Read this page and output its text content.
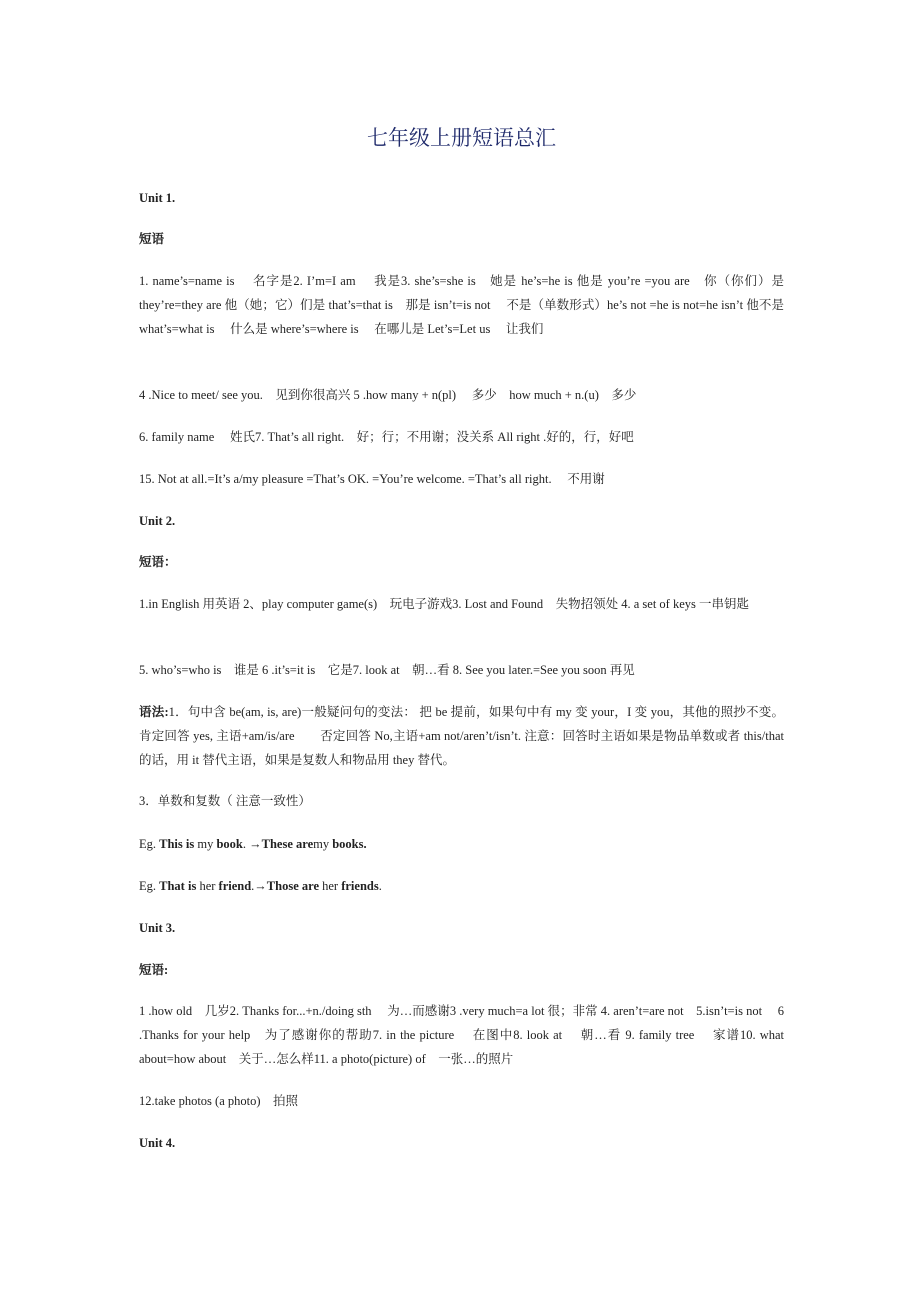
七年级上册短语总汇

Unit 1.

短语

1. name’s=name is　 名字是2. I’m=I am　 我是3. she’s=she is　她是 he’s=he is 他是 you’re =you are　你（你们）是 they’re=they are 他（她；它）们是 that’s=that is　那是 isn’t=is not　 不是（单数形式）he’s not =he is not=he isn’t 他不是 what’s=what is　 什么是 where’s=where is　 在哪儿是 Let’s=Let us　 让我们

4 .Nice to meet/ see you.　见到你很高兴 5 .how many + n(pl)　 多少　how much + n.(u)　多少

6. family name　 姓氏7. That’s all right.　好；行；不用谢；没关系 All right .好的，行，好吧

15. Not at all.=It’s a/my pleasure =That’s OK. =You’re welcome. =That’s all right.　 不用谢

Unit 2.

短语：

1.in English 用英语 2、play computer game(s)　玩电子游戏3. Lost and Found　失物招领处 4. a set of keys 一串钥匙

5. who’s=who is　谁是 6 .it’s=it is　它是7. look at　朝…看 8. See you later.=See you soon 再见

语法:1．句中含 be(am, is, are)一般疑问句的变法： 把 be 提前，如果句中有 my 变 your，I 变 you，其他的照抄不变。肯定回答 yes, 主语+am/is/are　　否定回答 No,主语+am not/aren’t/isn’t. 注意：回答时主语如果是物品单数或者 this/that 的话，用 it 替代主语，如果是复数人和物品用 they 替代。

3．单数和复数（ 注意一致性）

Eg. This is my book. →These aremy books.

Eg. That is her friend.→Those are her friends.

Unit 3.

短语:

1 .how old　几岁2. Thanks for...+n./doing sth　 为…而感谢3 .very much=a lot 很；非常 4. aren’t=are not　5.isn’t=is not　 6 .Thanks for your help　为了感谢你的帮助7. in the picture　 在图中8. look at　 朝…看 9. family tree　 家谱10. what about=how about　关于…怎么样11. a photo(picture) of　一张…的照片

12.take photos (a photo)　拍照

Unit 4.
